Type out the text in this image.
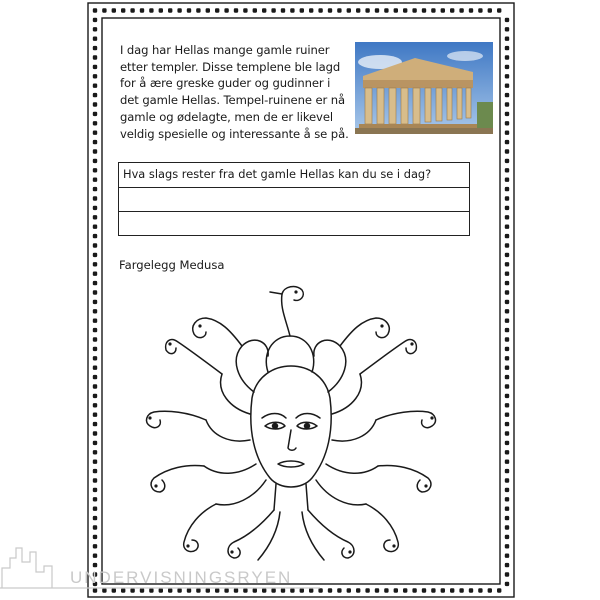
I dag har Hellas mange gamle ruiner
etter templer. Disse templene ble lagd
for å ære greske guder og gudinner i
det gamle Hellas. Tempel-ruinene er nå
gamle og ødelagte, men de er likevel
veldig spesielle og interessante å se på.
Hva slags rester fra det gamle Hellas kan du se i dag?
Fargelegg Medusa
UNDERVISNINGSRYEN
